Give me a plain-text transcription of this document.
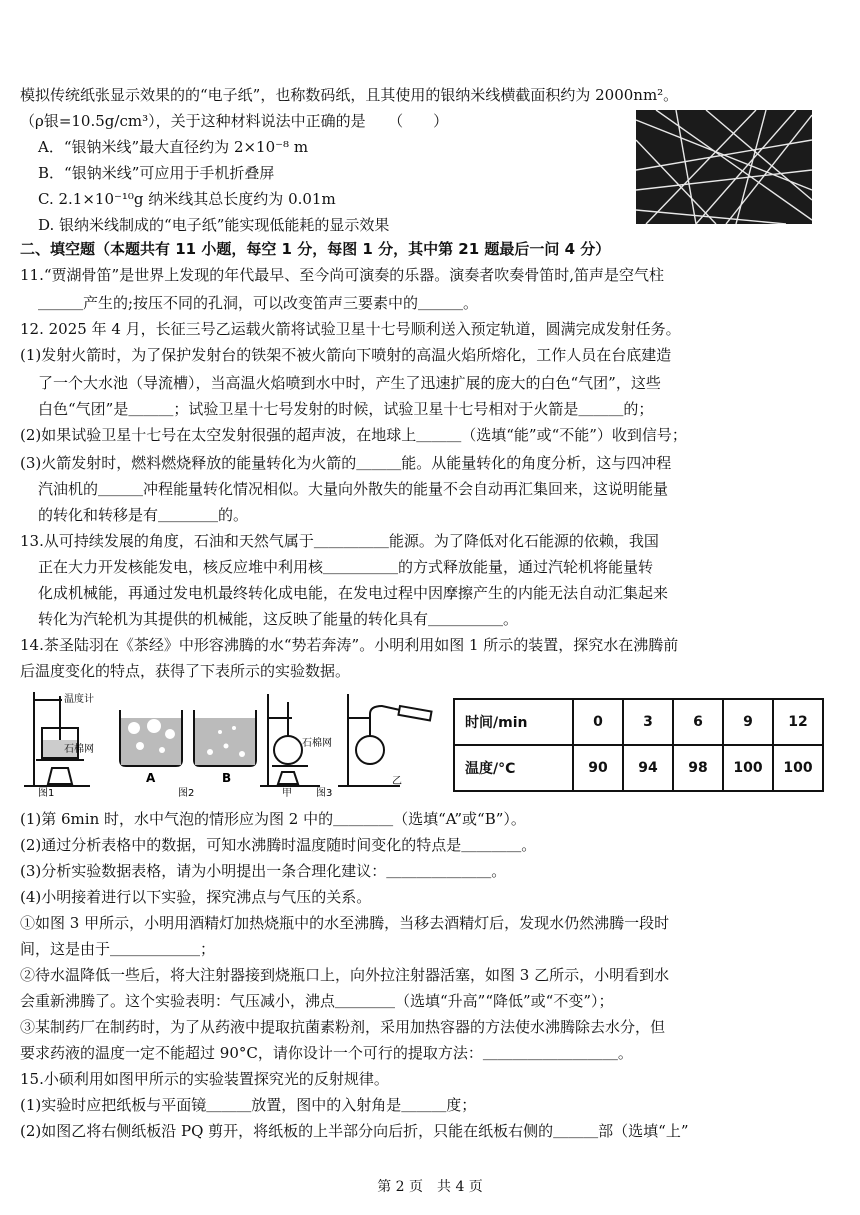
模拟传统纸张显示效果的的“电子纸”，也称数码纸，且其使用的银纳米线横截面积约为 2000nm²。
（ρ银=10.5g/cm³），关于这种材料说法中正确的是　　（　　）
A．“银钠米线”最大直径约为 2×10⁻⁸ m
B．“银钠米线”可应用于手机折叠屏
C. 2.1×10⁻¹⁰g 纳米线其总长度约为 0.01m
D. 银纳米线制成的“电子纸”能实现低能耗的显示效果
二、填空题（本题共有 11 小题，每空 1 分，每图 1 分，其中第 21 题最后一问 4 分）
11.“贾湖骨笛”是世界上发现的年代最早、至今尚可演奏的乐器。演奏者吹奏骨笛时,笛声是空气柱
＿＿＿产生的;按压不同的孔洞，可以改变笛声三要素中的＿＿＿。
12. 2025 年 4 月，长征三号乙运载火箭将试验卫星十七号顺利送入预定轨道，圆满完成发射任务。
(1)发射火箭时，为了保护发射台的铁架不被火箭向下喷射的高温火焰所熔化，工作人员在台底建造
了一个大水池（导流槽），当高温火焰喷到水中时，产生了迅速扩展的庞大的白色“气团”，这些
白色“气团”是＿＿＿；试验卫星十七号发射的时候，试验卫星十七号相对于火箭是＿＿＿的；
(2)如果试验卫星十七号在太空发射很强的超声波，在地球上＿＿＿（选填“能”或“不能”）收到信号；
(3)火箭发射时，燃料燃烧释放的能量转化为火箭的＿＿＿能。从能量转化的角度分析，这与四冲程
汽油机的＿＿＿冲程能量转化情况相似。大量向外散失的能量不会自动再汇集回来，这说明能量
的转化和转移是有＿＿＿＿的。
13.从可持续发展的角度，石油和天然气属于＿＿＿＿＿能源。为了降低对化石能源的依赖，我国
正在大力开发核能发电，核反应堆中利用核＿＿＿＿＿的方式释放能量，通过汽轮机将能量转
化成机械能，再通过发电机最终转化成电能，在发电过程中因摩擦产生的内能无法自动汇集起来
转化为汽轮机为其提供的机械能，这反映了能量的转化具有＿＿＿＿＿。
14.茶圣陆羽在《茶经》中形容沸腾的水“势若奔涛”。小明利用如图 1 所示的装置，探究水在沸腾前
后温度变化的特点，获得了下表所示的实验数据。
(1)第 6min 时，水中气泡的情形应为图 2 中的＿＿＿＿（选填“A”或“B”）。
(2)通过分析表格中的数据，可知水沸腾时温度随时间变化的特点是＿＿＿＿。
(3)分析实验数据表格，请为小明提出一条合理化建议：＿＿＿＿＿＿＿。
(4)小明接着进行以下实验，探究沸点与气压的关系。
①如图 3 甲所示，小明用酒精灯加热烧瓶中的水至沸腾，当移去酒精灯后，发现水仍然沸腾一段时
间，这是由于＿＿＿＿＿＿；
②待水温降低一些后，将大注射器接到烧瓶口上，向外拉注射器活塞，如图 3 乙所示，小明看到水
会重新沸腾了。这个实验表明：气压减小，沸点＿＿＿＿（选填“升高”“降低”或“不变”）；
③某制药厂在制药时，为了从药液中提取抗菌素粉剂，采用加热容器的方法使水沸腾除去水分，但
要求药液的温度一定不能超过 90°C，请你设计一个可行的提取方法：＿＿＿＿＿＿＿＿＿。
15.小硕利用如图甲所示的实验装置探究光的反射规律。
(1)实验时应把纸板与平面镜＿＿＿放置，图中的入射角是＿＿＿度；
(2)如图乙将右侧纸板沿 PQ 剪开，将纸板的上半部分向后折，只能在纸板右侧的＿＿＿部（选填“上”
温度计
石棉网
图1
A	B
图2
石棉网
甲 图3
乙
时间/min	0	3	6	9	12
温度/°C	90	94	98	100	100
第 2 页　共 4 页
